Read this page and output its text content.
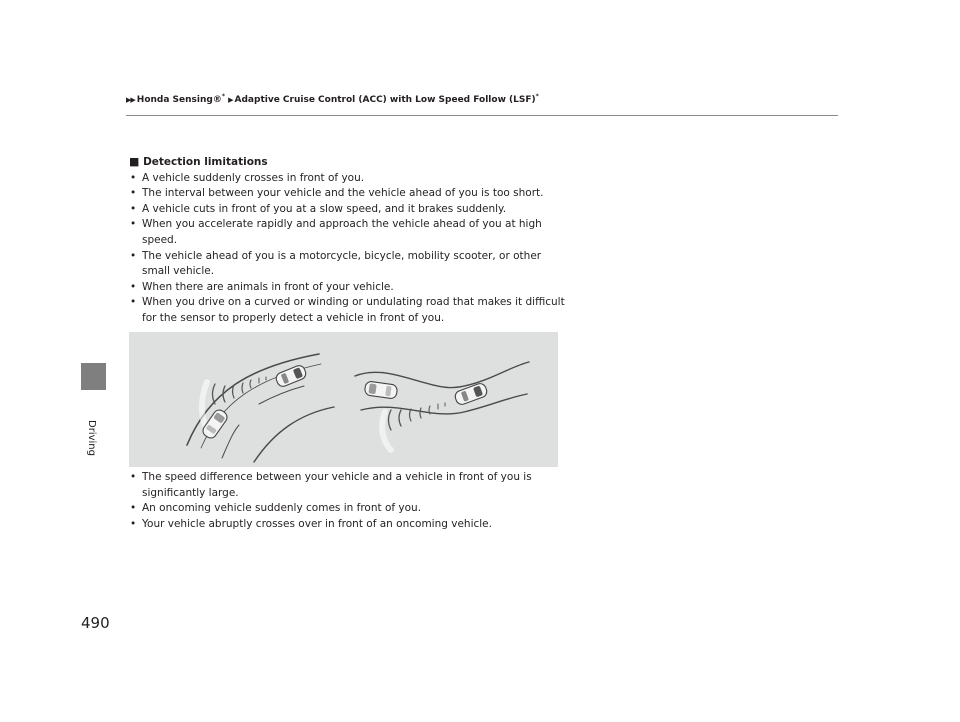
▶▶ Honda Sensing®* ▶ Adaptive Cruise Control (ACC) with Low Speed Follow (LSF)*
Driving
■ Detection limitations
• A vehicle suddenly crosses in front of you.
• The interval between your vehicle and the vehicle ahead of you is too short.
• A vehicle cuts in front of you at a slow speed, and it brakes suddenly.
• When you accelerate rapidly and approach the vehicle ahead of you at high speed.
• The vehicle ahead of you is a motorcycle, bicycle, mobility scooter, or other small vehicle.
• When there are animals in front of your vehicle.
• When you drive on a curved or winding or undulating road that makes it difficult for the sensor to properly detect a vehicle in front of you.
• The speed difference between your vehicle and a vehicle in front of you is significantly large.
• An oncoming vehicle suddenly comes in front of you.
• Your vehicle abruptly crosses over in front of an oncoming vehicle.
490
